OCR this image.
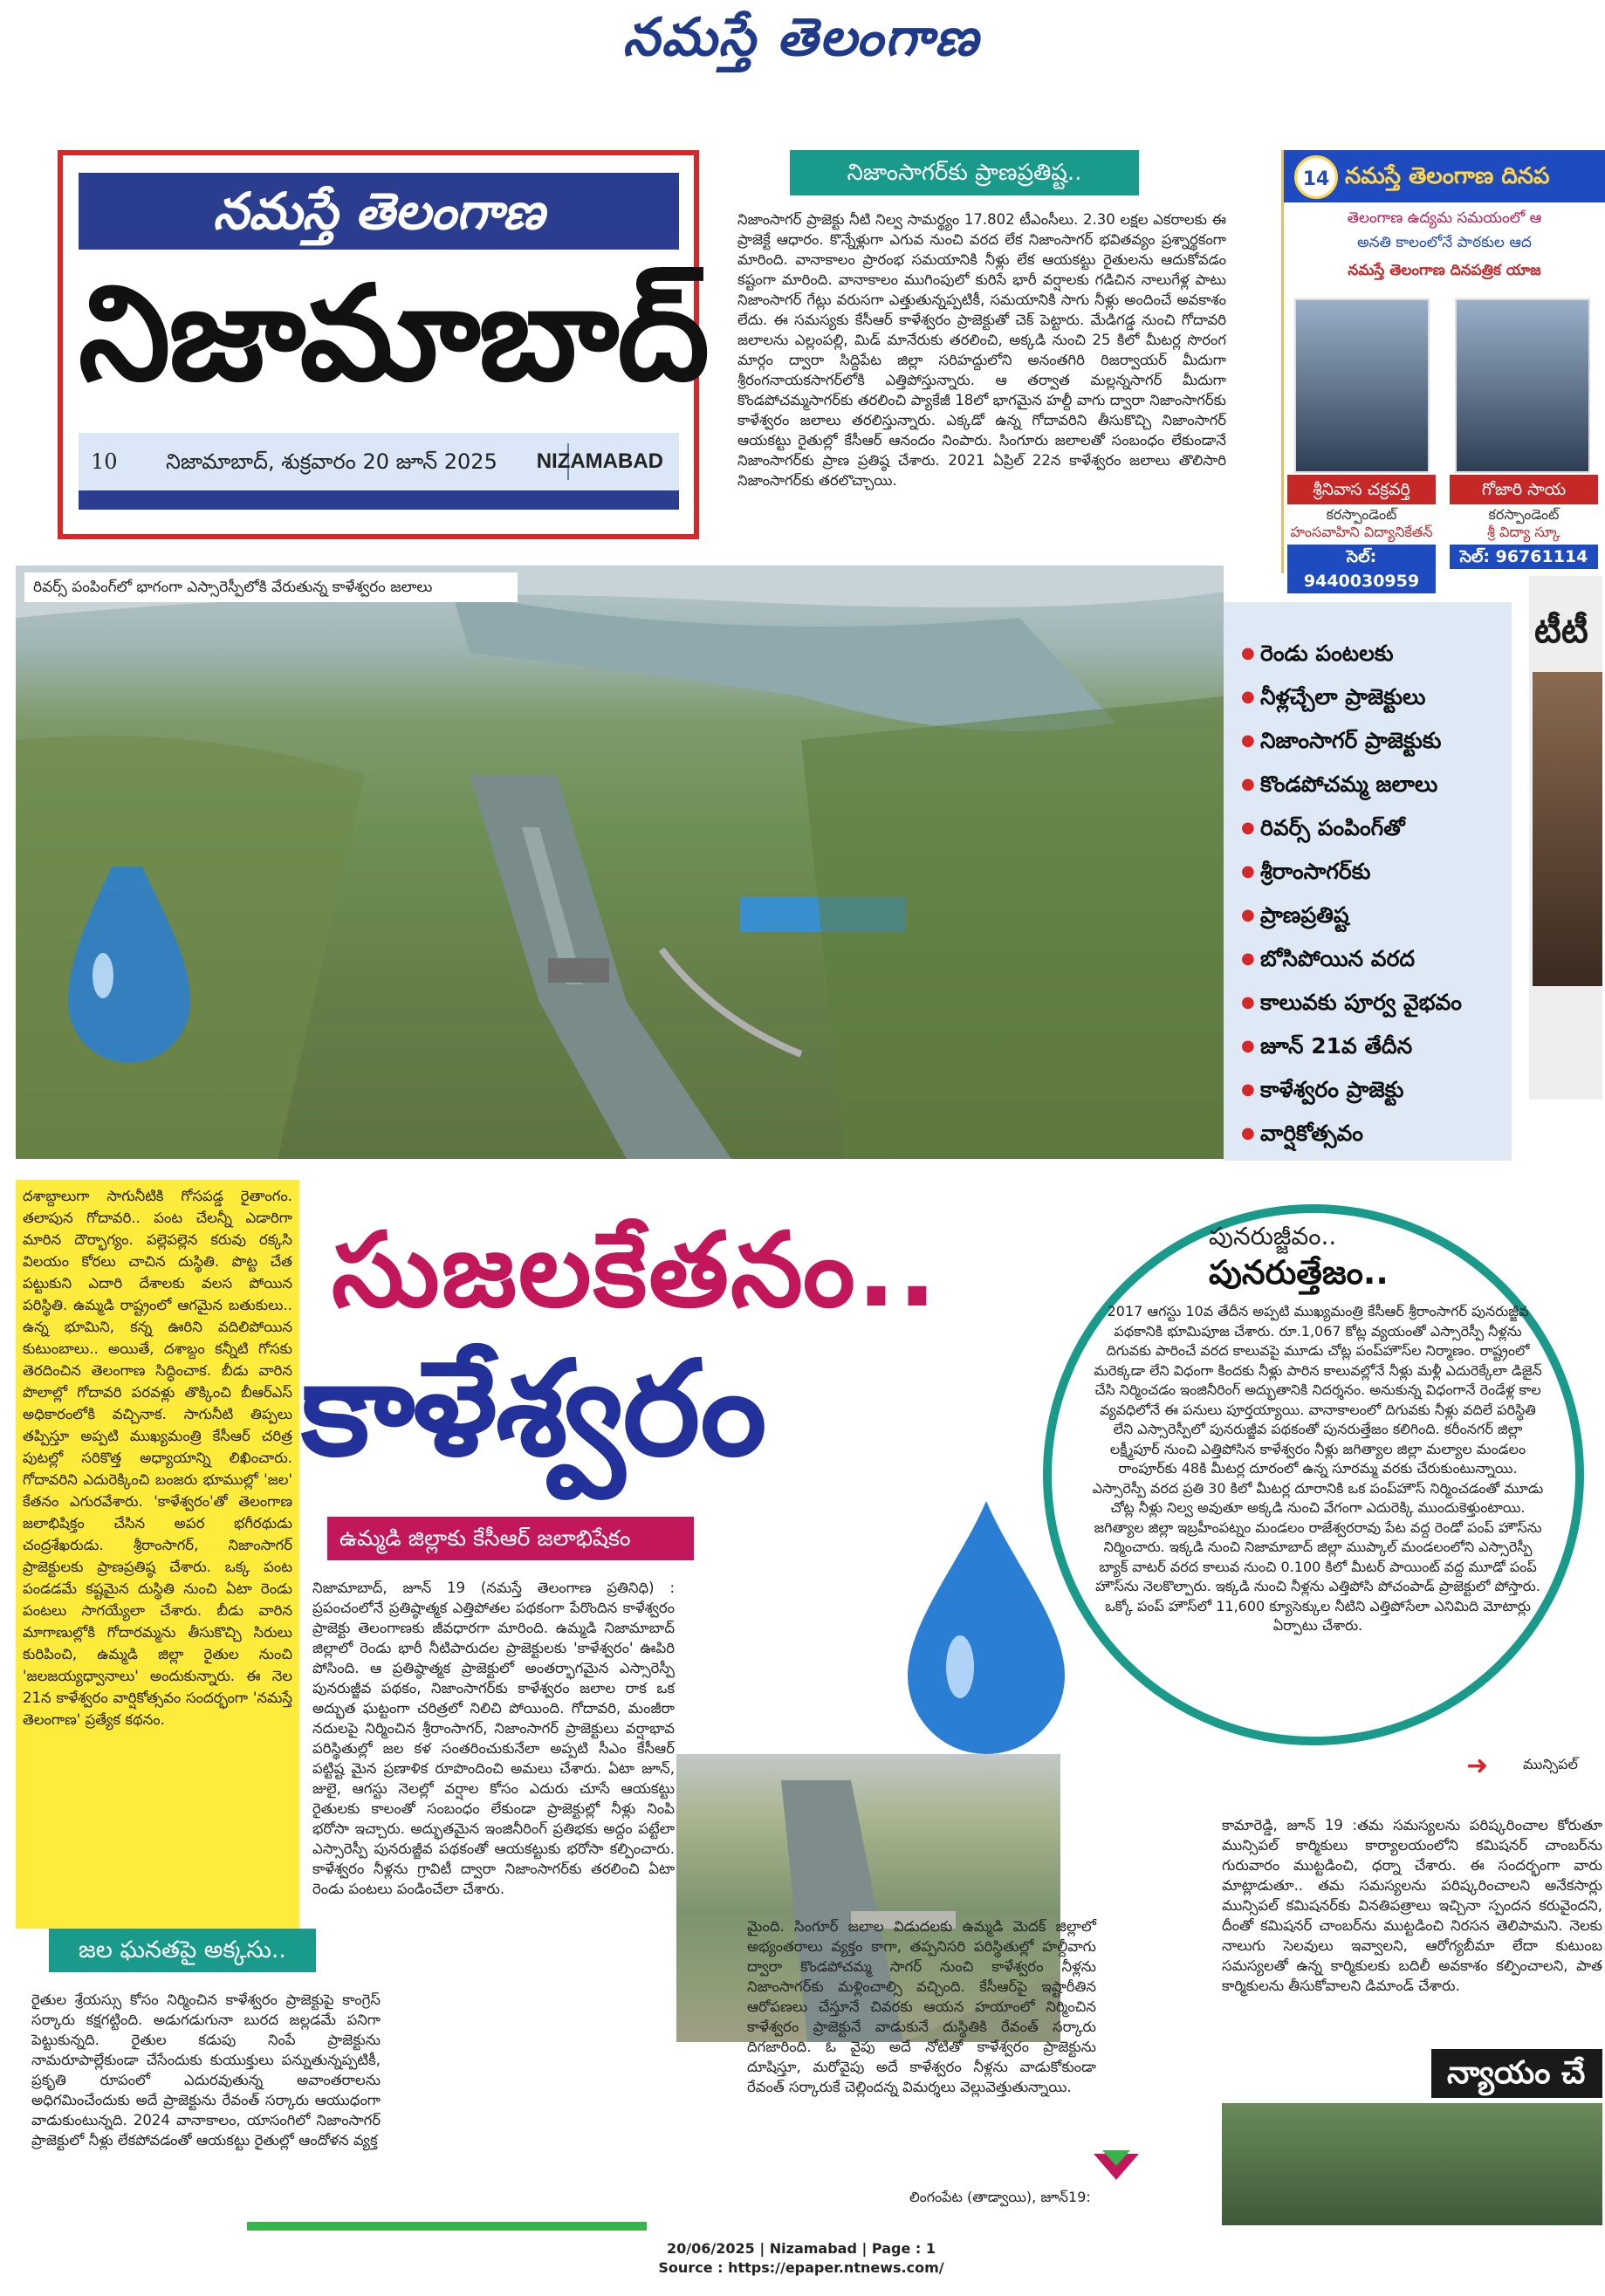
నమస్తే తెలంగాణ
నమస్తే తెలంగాణ
నిజామాబాద్
10 నిజామాబాద్, శుక్రవారం 20 జూన్ 2025 NIZAMABAD
నిజాంసాగర్‌కు ప్రాణప్రతిష్ట..

నిజాంసాగర్ ప్రాజెక్టు నీటి నిల్వ సామర్థ్యం 17.802 టీఎంసీలు. 2.30 లక్షల ఎకరాలకు ఈ ప్రాజెక్టే ఆధారం. కొన్నేళ్లుగా ఎగువ నుంచి వరద లేక నిజాంసాగర్ భవితవ్యం ప్రశ్నార్థకంగా మారింది. వానాకాలం ప్రారంభ సమయానికి నీళ్లు లేక ఆయకట్టు రైతులను ఆదుకోవడం కష్టంగా మారింది. వానాకాలం ముగింపులో కురిసే భారీ వర్షాలకు గడిచిన నాలుగేళ్ల పాటు నిజాంసాగర్ గేట్లు వరుసగా ఎత్తుతున్నప్పటికీ, సమయానికి సాగు నీళ్లు అందించే అవకాశం లేదు. ఈ సమస్యకు కేసీఆర్ కాళేశ్వరం ప్రాజెక్టుతో చెక్ పెట్టారు. మేడిగడ్డ నుంచి గోదావరి జలాలను ఎల్లంపల్లి, మిడ్ మానేరుకు తరలించి, అక్కడి నుంచి 25 కిలో మీటర్ల సొరంగ మార్గం ద్వారా సిద్దిపేట జిల్లా సరిహద్దులోని అనంతగిరి రిజర్వాయర్ మీదుగా శ్రీరంగనాయకసాగర్‌లోకి ఎత్తిపోస్తున్నారు. ఆ తర్వాత మల్లన్నసాగర్ మీదుగా కొండపోచమ్మసాగర్‌కు తరలించి ప్యాకేజీ 18లో భాగమైన హల్దీ వాగు ద్వారా నిజాంసాగర్‌కు కాళేశ్వరం జలాలు తరలిస్తున్నారు. ఎక్కడో ఉన్న గోదావరిని తీసుకొచ్చి నిజాంసాగర్ ఆయకట్టు రైతుల్లో కేసీఆర్ ఆనందం నింపారు. సింగూరు జలాలతో సంబంధం లేకుండానే నిజాంసాగర్‌కు ప్రాణ ప్రతిష్ఠ చేశారు. 2021 ఏప్రిల్ 22న కాళేశ్వరం జలాలు తొలిసారి నిజాంసాగర్‌కు తరలొచ్చాయి.

నమస్తే తెలంగాణ దినప
14
తెలంగాణ ఉద్యమ సమయంలో ఆ
అనతి కాలంలోనే పాఠకుల ఆద
నమస్తే తెలంగాణ దినపత్రిక యాజ
శ్రీనివాస చక్రవర్తి	గోజారి సాయ
కరస్పాండెంట్	కరస్పాండెంట్
హంసవాహిని విద్యానికేతన్	శ్రీ విద్యా స్కూ
సెల్: 9440030959
సెల్: 96761114
రివర్స్ పంపింగ్‌లో భాగంగా ఎస్సారెస్పీలోకి వేరుతున్న కాళేశ్వరం జలాలు
● రెండు పంటలకు
● నీళ్లచ్చేలా ప్రాజెక్టులు
● నిజాంసాగర్ ప్రాజెక్టుకు
● కొండపోచమ్మ జలాలు
● రివర్స్ పంపింగ్‌తో
● శ్రీరాంసాగర్‌కు
● ప్రాణప్రతిష్ట
● బోసిపోయిన వరద
● కాలువకు పూర్వ వైభవం
● జూన్ 21వ తేదీన
● కాళేశ్వరం ప్రాజెక్టు
● వార్షికోత్సవం
టీటీ

దశాబ్దాలుగా సాగునీటికి గోసపడ్డ రైతాంగం. తలాపున గోదావరి.. పంట చేలన్నీ ఎడారిగా మారిన దౌర్భాగ్యం. పల్లెపల్లెన కరువు రక్కసి విలయం కోరలు చాచిన దుస్థితి. పొట్ట చేత పట్టుకుని ఎదారి దేశాలకు వలస పోయిన పరిస్థితి. ఉమ్మడి రాష్ట్రంలో ఆగమైన బతుకులు.. ఉన్న భూమిని, కన్న ఊరిని వదిలిపోయిన కుటుంబాలు.. అయితే, దశాబ్దం కన్నీటి గోసకు తెరదించిన తెలంగాణ సిద్ధించాక. బీడు వారిన పొలాల్లో గోదావరి పరవళ్లు తొక్కించి బీఆర్ఎస్ అధికారంలోకి వచ్చినాక. సాగునీటి తిప్పలు తప్పిస్తూ అప్పటి ముఖ్యమంత్రి కేసీఆర్ చరిత్ర పుటల్లో సరికొత్త అధ్యాయాన్ని లిఖించారు. గోదావరిని ఎదురెక్కించి బంజరు భూముల్లో 'జల' కేతనం ఎగురవేశారు. 'కాళేశ్వరం'తో తెలంగాణ జలాభిషిక్తం చేసిన అపర భగీరథుడు చంద్రశేఖరుడు. శ్రీరాంసాగర్, నిజాంసాగర్ ప్రాజెక్టులకు ప్రాణప్రతిష్ఠ చేశారు. ఒక్క పంట పండడమే కష్టమైన దుస్థితి నుంచి ఏటా రెండు పంటలు సాగయ్యేలా చేశారు. బీడు వారిన మాగాణుల్లోకి గోదారమ్మను తీసుకొచ్చి సిరులు కురిపించి, ఉమ్మడి జిల్లా రైతుల నుంచి 'జలజయ్యధ్వానాలు' అందుకున్నారు. ఈ నెల 21న కాళేశ్వరం వార్షికోత్సవం సందర్భంగా 'నమస్తే తెలంగాణ' ప్రత్యేక కథనం.

జల ఘనతపై అక్కసు..
సుజలకేతనం..
కాళేశ్వరం
ఉమ్మడి జిల్లాకు కేసీఆర్ జలాభిషేకం
పునరుజ్జీవం..
పునరుత్తేజం..

2017 ఆగస్టు 10వ తేదీన అప్పటి ముఖ్యమంత్రి కేసీఆర్ శ్రీరాంసాగర్ పునరుజ్జీవ పథకానికి భూమిపూజ చేశారు. రూ.1,067 కోట్ల వ్యయంతో ఎస్సారెస్పీ నీళ్లను దిగువకు పారించే వరద కాలువపై మూడు చోట్ల పంప్‌హౌస్‌ల నిర్మాణం. రాష్ట్రంలో మరెక్కడా లేని విధంగా కిందకు నీళ్లు పారిన కాలువల్లోనే నీళ్లు మళ్లీ ఎదురెక్కేలా డిజైన్ చేసి నిర్మించడం ఇంజినీరింగ్ అద్భుతానికి నిదర్శనం. అనుకున్న విధంగానే రెండేళ్ల కాల వ్యవధిలోనే ఈ పనులు పూర్తయ్యాయి. వానాకాలంలో దిగువకు నీళ్లు వదిలే పరిస్థితి లేని ఎస్సారెస్పీలో పునరుజ్జీవ పథకంతో పునరుత్తేజం కలిగింది. కరీంనగర్ జిల్లా లక్ష్మీపూర్ నుంచి ఎత్తిపోసిన కాళేశ్వరం నీళ్లు జగిత్యాల జిల్లా మల్యాల మండలం రాంపూర్‌కు 48కి మీటర్ల దూరంలో ఉన్న సూరమ్మ వరకు చేరుకుంటున్నాయి. ఎస్సారెస్పీ వరద ప్రతి 30 కిలో మీటర్ల దూరానికి ఒక పంప్‌హౌస్ నిర్మించడంతో మూడు చోట్ల నీళ్లు నిల్వ అవుతూ అక్కడి నుంచి వేగంగా ఎదురెక్కి ముందుకెళ్తుంటాయి. జగిత్యాల జిల్లా ఇబ్రహీంపట్నం మండలం రాజేశ్వరరావు పేట వద్ద రెండో పంప్ హౌస్‌ను నిర్మించారు. ఇక్కడి నుంచి నిజామాబాద్ జిల్లా ముప్కాల్ మండలంలోని ఎస్సారెస్పీ బ్యాక్ వాటర్ వరద కాలువ నుంచి 0.100 కిలో మీటర్ పాయింట్ వద్ద మూడో పంప్ హౌస్‌ను నెలకొల్పారు. ఇక్కడి నుంచి నీళ్లను ఎత్తిపోసి పోచంపాడ్ ప్రాజెక్టులో పోస్తారు. ఒక్కో పంప్ హౌస్‌లో 11,600 క్యూసెక్కుల నీటిని ఎత్తిపోసేలా ఎనిమిది మోటార్లు ఏర్పాటు చేశారు.

నిజామాబాద్, జూన్ 19 (నమస్తే తెలంగాణ ప్రతినిధి) : ప్రపంచంలోనే ప్రతిష్ఠాత్మక ఎత్తిపోతల పథకంగా పేరొందిన కాళేశ్వరం ప్రాజెక్టు తెలంగాణకు జీవధారగా మారింది. ఉమ్మడి నిజామాబాద్ జిల్లాలో రెండు భారీ నీటిపారుదల ప్రాజెక్టులకు 'కాళేశ్వరం' ఊపిరి పోసింది. ఆ ప్రతిష్ఠాత్మక ప్రాజెక్టులో అంతర్భాగమైన ఎస్సారెస్పీ పునరుజ్జీవ పథకం, నిజాంసాగర్‌కు కాళేశ్వరం జలాల రాక ఒక అద్భుత ఘట్టంగా చరిత్రలో నిలిచి పోయింది. గోదావరి, మంజీరా నదులపై నిర్మించిన శ్రీరాంసాగర్, నిజాంసాగర్ ప్రాజెక్టులు వర్షాభావ పరిస్థితుల్లో జల కళ సంతరించుకునేలా అప్పటి సీఎం కేసీఆర్ పట్టిష్ట మైన ప్రణాళిక రూపొందించి అమలు చేశారు. ఏటా జూన్, జులై, ఆగస్టు నెలల్లో వర్షాల కోసం ఎదురు చూసే ఆయకట్టు రైతులకు కాలంతో సంబంధం లేకుండా ప్రాజెక్టుల్లో నీళ్లు నింపి భరోసా ఇచ్చారు. అద్భుతమైన ఇంజినీరింగ్ ప్రతిభకు అద్దం పట్టేలా ఎస్సారెస్పీ పునరుజ్జీవ పథకంతో ఆయకట్టుకు భరోసా కల్పించారు. కాళేశ్వరం నీళ్లను గ్రావిటీ ద్వారా నిజాంసాగర్‌కు తరలించి ఏటా రెండు పంటలు పండించేలా చేశారు.

రైతుల శ్రేయస్సు కోసం నిర్మించిన కాళేశ్వరం ప్రాజెక్టుపై కాంగ్రెస్ సర్కారు కక్షగట్టింది. అడుగడుగునా బురద జల్లడమే పనిగా పెట్టుకున్నది. రైతుల కడుపు నింపే ప్రాజెక్టును నామరూపాల్లేకుండా చేసేందుకు కుయుక్తులు పన్నుతున్నప్పటికీ, ప్రకృతి రూపంలో ఎదురవుతున్న అవాంతరాలను అధిగమించేందుకు అదే ప్రాజెక్టును రేవంత్ సర్కారు ఆయుధంగా వాడుకుంటున్నది. 2024 వానాకాలం, యాసంగిలో నిజాంసాగర్ ప్రాజెక్టులో నీళ్లు లేకపోవడంతో ఆయకట్టు రైతుల్లో ఆందోళన వ్యక్త

మైంది. సింగూర్ జలాల విడుదలకు ఉమ్మడి మెదక్ జిల్లాలో అభ్యంతరాలు వ్యక్తం కాగా, తప్పనిసరి పరిస్థితుల్లో హల్దీవాగు ద్వారా కొండపోచమ్మ సాగర్ నుంచి కాళేశ్వరం నీళ్లను నిజాంసాగర్‌కు మళ్లించాల్సి వచ్చింది. కేసీఆర్‌పై ఇష్టారీతిన ఆరోపణలు చేస్తూనే చివరకు ఆయన హయాంలో నిర్మించిన కాళేశ్వరం ప్రాజెక్టునే వాడుకునే దుస్థితికి రేవంత్ సర్కారు దిగజారింది. ఓ వైపు అదే నోటితో కాళేశ్వరం ప్రాజెక్టును దూషిస్తూ, మరోవైపు అదే కాళేశ్వరం నీళ్లను వాడుకోకుండా రేవంత్ సర్కారుకే చెల్లిందన్న విమర్శలు వెల్లువెత్తుతున్నాయి.

➜ మున్సిపల్

కామారెడ్డి, జూన్ 19 :తమ సమస్యలను పరిష్కరించాల కోరుతూ మున్సిపల్ కార్మికులు కార్యాలయంలోని కమిషనర్ చాంబర్‌ను గురువారం ముట్టడించి, ధర్నా చేశారు. ఈ సందర్భంగా వారు మాట్లాడుతూ.. తమ సమస్యలను పరిష్కరించాలని అనేకసార్లు మున్సిపల్ కమిషనర్‌కు వినతిపత్రాలు ఇచ్చినా స్పందన కరువైందని, దీంతో కమిషనర్ చాంబర్‌ను ముట్టడించి నిరసన తెలిపామని. నెలకు నాలుగు సెలవులు ఇవ్వాలని, ఆరోగ్యబీమా లేదా కుటుంబ సమస్యలతో ఉన్న కార్మికులకు బదిలీ అవకాశం కల్పించాలని, పాత కార్మికులను తీసుకోవాలని డిమాండ్ చేశారు.

న్యాయం చే
లింగంపేట (తాడ్వాయి), జూన్19:
20/06/2025 | Nizamabad | Page : 1
Source : https://epaper.ntnews.com/
